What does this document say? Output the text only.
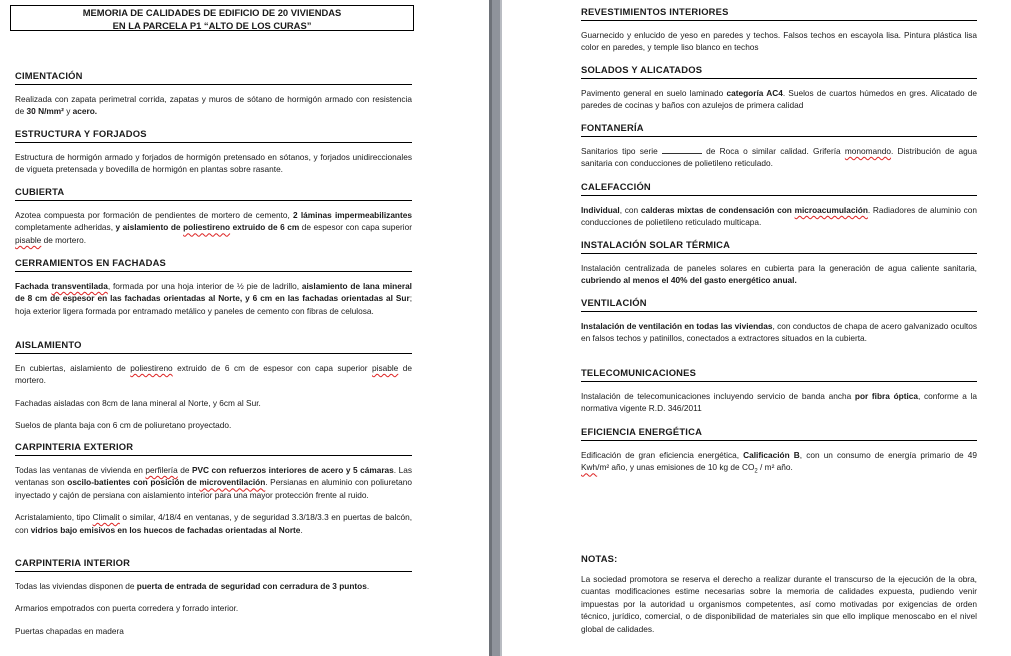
MEMORIA DE CALIDADES DE EDIFICIO DE 20 VIVIENDAS
EN LA PARCELA P1 “ALTO DE LOS CURAS”
CIMENTACIÓN

Realizada con zapata perimetral corrida, zapatas y muros de sótano de hormigón armado con resistencia de 30 N/mm² y acero.

ESTRUCTURA Y FORJADOS

Estructura de hormigón armado y forjados de hormigón pretensado en sótanos, y forjados unidireccionales de vigueta pretensada y bovedilla de hormigón en plantas sobre rasante.

CUBIERTA

Azotea compuesta por formación de pendientes de mortero de cemento, 2 láminas impermeabilizantes completamente adheridas, y aislamiento de poliestireno extruido de 6 cm de espesor con capa superior pisable de mortero.

CERRAMIENTOS EN FACHADAS

Fachada transventilada, formada por una hoja interior de ½ pie de ladrillo, aislamiento de lana mineral de 8 cm de espesor en las fachadas orientadas al Norte, y 6 cm en las fachadas orientadas al Sur; hoja exterior ligera formada por entramado metálico y paneles de cemento con fibras de celulosa.

AISLAMIENTO

En cubiertas, aislamiento de poliestireno extruido de 6 cm de espesor con capa superior pisable de mortero.

Fachadas aisladas con 8cm de lana mineral al Norte, y 6cm al Sur.

Suelos de planta baja con 6 cm de poliuretano proyectado.

CARPINTERIA EXTERIOR

Todas las ventanas de vivienda en perfilería de PVC con refuerzos interiores de acero y 5 cámaras. Las ventanas son oscilo-batientes con posición de microventilación. Persianas en aluminio con poliuretano inyectado y cajón de persiana con aislamiento interior para una mayor protección frente al ruido.

Acristalamiento, tipo Climalit o similar, 4/18/4 en ventanas, y de seguridad 3.3/18/3.3 en puertas de balcón, con vidrios bajo emisivos en los huecos de fachadas orientadas al Norte.

CARPINTERIA INTERIOR

Todas las viviendas disponen de puerta de entrada de seguridad con cerradura de 3 puntos.

Armarios empotrados con puerta corredera y forrado interior.

Puertas chapadas en madera

REVESTIMIENTOS INTERIORES

Guarnecido y enlucido de yeso en paredes y techos. Falsos techos en escayola lisa. Pintura plástica lisa color en paredes, y temple liso blanco en techos

SOLADOS Y ALICATADOS

Pavimento general en suelo laminado categoría AC4. Suelos de cuartos húmedos en gres. Alicatado de paredes de cocinas y baños con azulejos de primera calidad

FONTANERÍA

Sanitarios tipo serie	de Roca o similar calidad. Grifería monomando. Distribución de agua sanitaria con conducciones de polietileno reticulado.

CALEFACCIÓN

Individual, con calderas mixtas de condensación con microacumulación. Radiadores de aluminio con conducciones de polietileno reticulado multicapa.

INSTALACIÓN SOLAR TÉRMICA

Instalación centralizada de paneles solares en cubierta para la generación de agua caliente sanitaria, cubriendo al menos el 40% del gasto energético anual.

VENTILACIÓN

Instalación de ventilación en todas las viviendas, con conductos de chapa de acero galvanizado ocultos en falsos techos y patinillos, conectados a extractores situados en la cubierta.

TELECOMUNICACIONES

Instalación de telecomunicaciones incluyendo servicio de banda ancha por fibra óptica, conforme a la normativa vigente R.D. 346/2011

EFICIENCIA ENERGÉTICA

Edificación de gran eficiencia energética, Calificación B, con un consumo de energía primario de 49 Kwh/m² año, y unas emisiones de 10 kg de $CO_2 / m^2$ año.

NOTAS:

La sociedad promotora se reserva el derecho a realizar durante el transcurso de la ejecución de la obra, cuantas modificaciones estime necesarias sobre la memoria de calidades expuesta, pudiendo venir impuestas por la autoridad u organismos competentes, así como motivadas por exigencias de orden técnico, jurídico, comercial, o de disponibilidad de materiales sin que ello implique menoscabo en el nivel global de calidades.
